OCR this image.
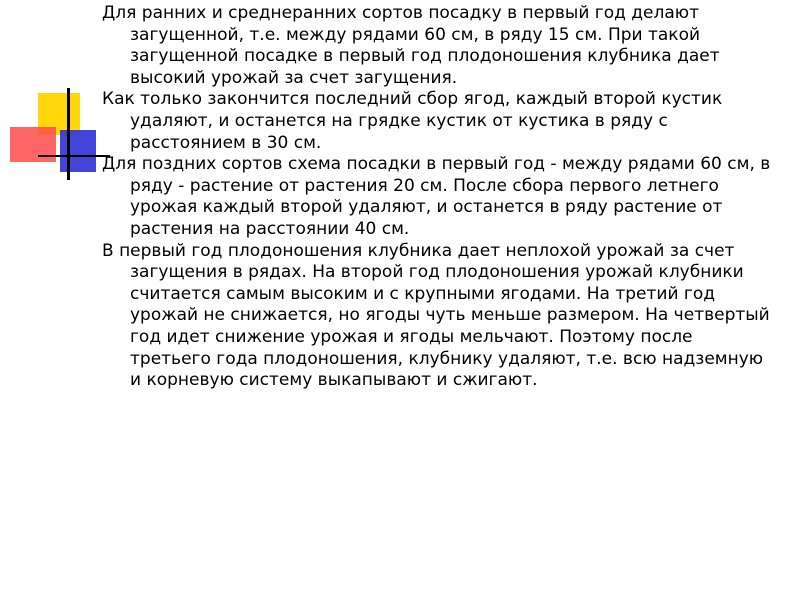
Для ранних и среднеранних сортов посадку в первый год делают загущенной, т.е. между рядами 60 см, в ряду 15 см. При такой загущенной посадке в первый год плодоношения клубника дает высокий урожай за счет загущения.

Как только закончится последний сбор ягод, каждый второй кустик удаляют, и останется на грядке кустик от кустика в ряду с расстоянием в 30 см.

Для поздних сортов схема посадки в первый год - между рядами 60 см, в ряду - растение от растения 20 см. После сбора первого летнего урожая каждый второй удаляют, и останется в ряду растение от растения на расстоянии 40 см.

В первый год плодоношения клубника дает неплохой урожай за счет загущения в рядах. На второй год плодоношения урожай клубники считается самым высоким и с крупными ягодами. На третий год урожай не снижается, но ягоды чуть меньше размером. На четвертый год идет снижение урожая и ягоды мельчают. Поэтому после третьего года плодоношения, клубнику удаляют, т.е. всю надземную и корневую систему выкапывают и сжигают.
